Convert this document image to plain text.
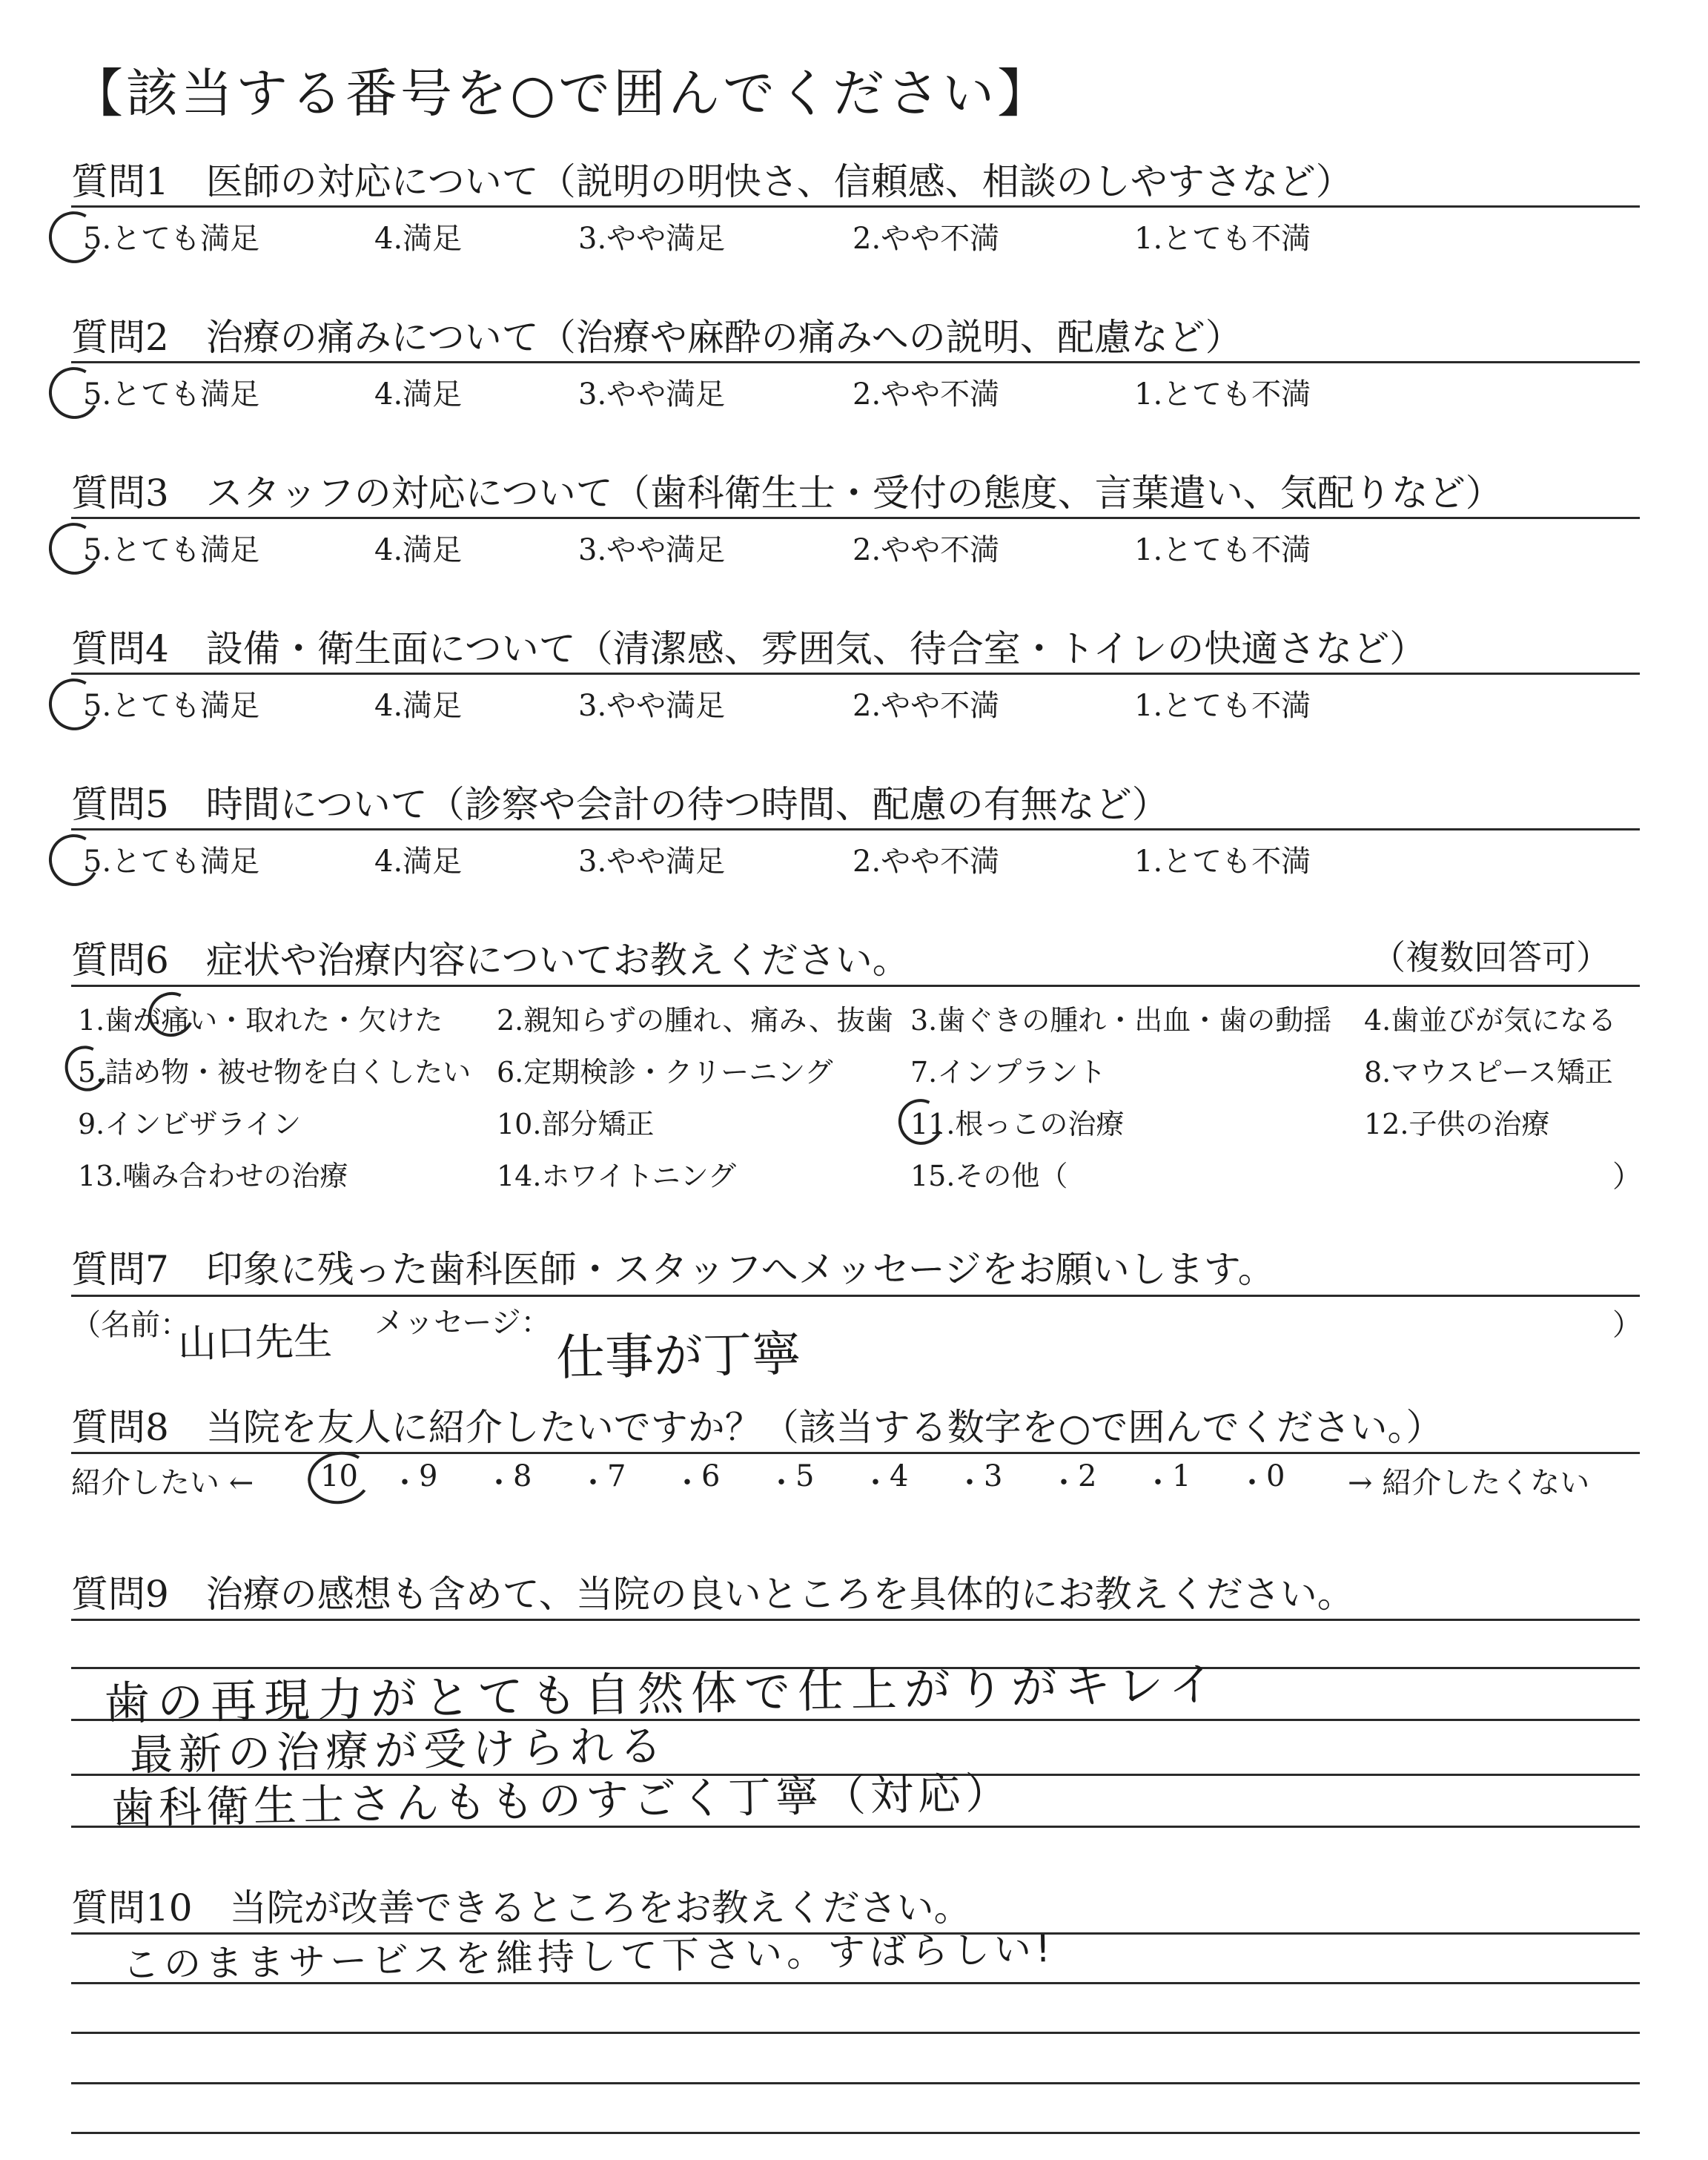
【該当する番号を○で囲んでください】
質問1　医師の対応について（説明の明快さ、信頼感、相談のしやすさなど）
5.とても満足	4.満足	3.やや満足	2.やや不満	1.とても不満
質問2　治療の痛みについて（治療や麻酔の痛みへの説明、配慮など）
5.とても満足	4.満足	3.やや満足	2.やや不満	1.とても不満
質問3　スタッフの対応について（歯科衛生士・受付の態度、言葉遣い、気配りなど）
5.とても満足	4.満足	3.やや満足	2.やや不満	1.とても不満
質問4　設備・衛生面について（清潔感、雰囲気、待合室・トイレの快適さなど）
5.とても満足	4.満足	3.やや満足	2.やや不満	1.とても不満
質問5　時間について（診察や会計の待つ時間、配慮の有無など）
5.とても満足	4.満足	3.やや満足	2.やや不満	1.とても不満
質問6　症状や治療内容についてお教えください。	（複数回答可）
1.歯が痛い・取れた・欠けた 2.親知らずの腫れ、痛み、抜歯 3.歯ぐきの腫れ・出血・歯の動揺 4.歯並びが気になる
5.詰め物・被せ物を白くしたい 6.定期検診・クリーニング	7.インプラント	8.マウスピース矯正
9.インビザライン	10.部分矯正	11.根っこの治療	12.子供の治療
13.噛み合わせの治療	14.ホワイトニング	15.その他（	）
質問7　印象に残った歯科医師・スタッフへメッセージをお願いします。
（名前：
山口先生 メッセージ：
仕事が丁寧
）
質問8　当院を友人に紹介したいですか？（該当する数字を○で囲んでください。）
紹介したい ← 10 ・ 9 ・ 8 ・ 7 ・ 6 ・ 5 ・ 4 ・ 3 ・ 2 ・ 1 ・ 0 → 紹介したくない
質問9　治療の感想も含めて、当院の良いところを具体的にお教えください。
歯の再現力がとても自然体で仕上がりがキレイ
最新の治療が受けられる
歯科衛生士さんもものすごく丁寧（対応）
質問10　当院が改善できるところをお教えください。
このままサービスを維持して下さい。すばらしい!
